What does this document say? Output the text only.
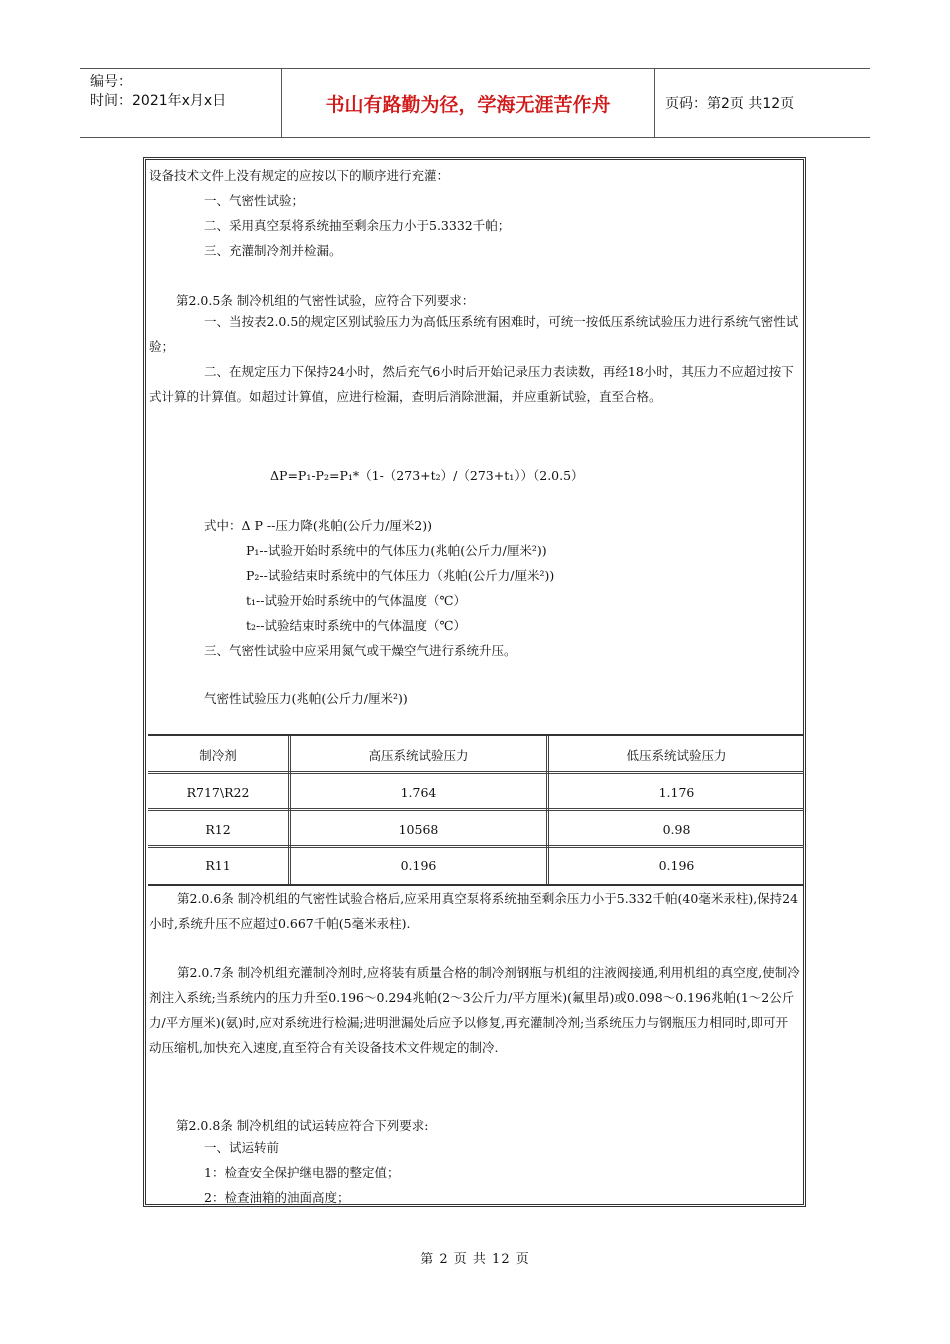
编号：
时间：2021年x月x日	书山有路勤为径，学海无涯苦作舟	页码：第2页 共12页
设备技术文件上没有规定的应按以下的顺序进行充灌：
一、气密性试验；
二、采用真空泵将系统抽至剩余压力小于5.3332千帕；
三、充灌制冷剂并检漏。
第2.0.5条 制冷机组的气密性试验，应符合下列要求：
一、当按表2.0.5的规定区别试验压力为高低压系统有困难时，可统一按低压系统试验压力进行系统气密性试验；
二、在规定压力下保持24小时，然后充气6小时后开始记录压力表读数，再经18小时，其压力不应超过按下式计算的计算值。如超过计算值，应进行检漏，查明后消除泄漏，并应重新试验，直至合格。
ΔP=P₁-P₂=P₁*（1-（273+t₂）/（273+t₁））（2.0.5）
式中：Δ P --压力降(兆帕(公斤力/厘米2))
P₁--试验开始时系统中的气体压力(兆帕(公斤力/厘米²))
P₂--试验结束时系统中的气体压力（兆帕(公斤力/厘米²))
t₁--试验开始时系统中的气体温度（℃）
t₂--试验结束时系统中的气体温度（℃）
三、气密性试验中应采用氮气或干燥空气进行系统升压。
气密性试验压力(兆帕(公斤力/厘米²))
制冷剂	高压系统试验压力	低压系统试验压力
R717\R22	1.764	1.176
R12	10568	0.98
R11	0.196	0.196
第2.0.6条 制冷机组的气密性试验合格后,应采用真空泵将系统抽至剩余压力小于5.332千帕(40毫米汞柱),保持24小时,系统升压不应超过0.667千帕(5毫米汞柱).
第2.0.7条 制冷机组充灌制冷剂时,应将装有质量合格的制冷剂钢瓶与机组的注液阀接通,利用机组的真空度,使制冷剂注入系统;当系统内的压力升至0.196～0.294兆帕(2～3公斤力/平方厘米)(氟里昂)或0.098～0.196兆帕(1～2公斤力/平方厘米)(氨)时,应对系统进行检漏;进明泄漏处后应予以修复,再充灌制冷剂;当系统压力与钢瓶压力相同时,即可开动压缩机,加快充入速度,直至符合有关设备技术文件规定的制冷.
第2.0.8条 制冷机组的试运转应符合下列要求:
一、试运转前
1：检查安全保护继电器的整定值；
2：检查油箱的油面高度；
第 2 页 共 12 页
